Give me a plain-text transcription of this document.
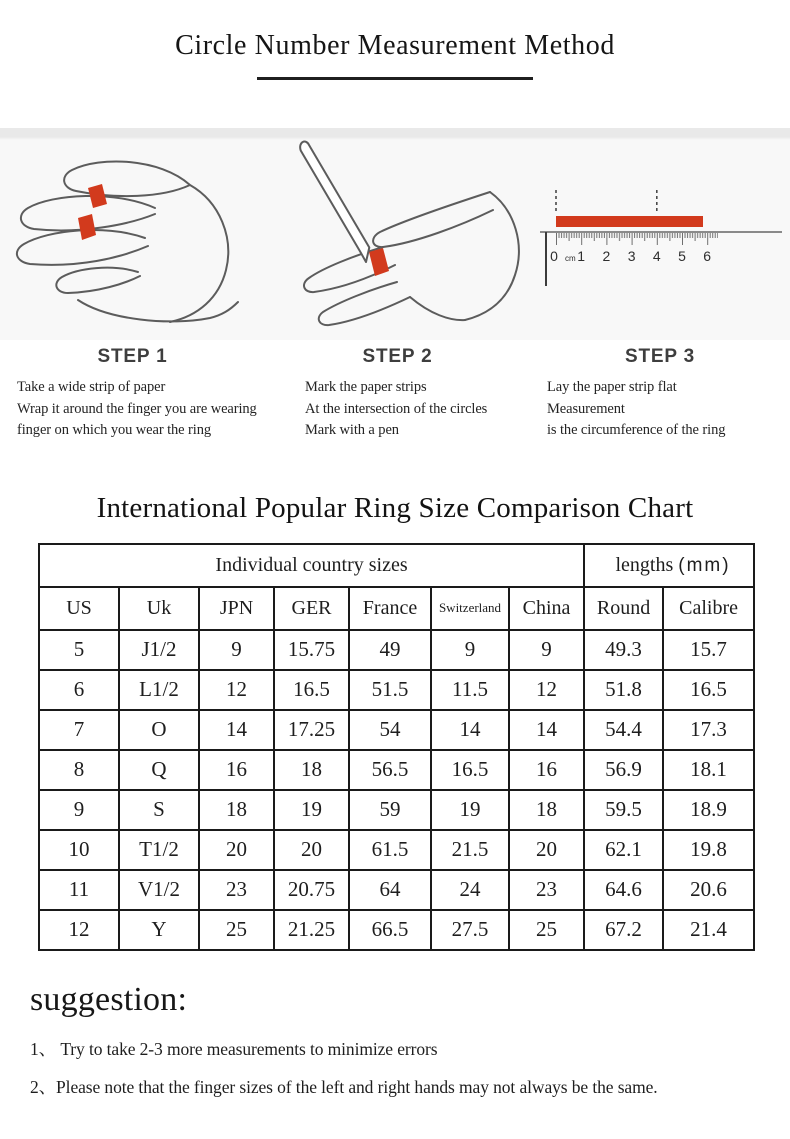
Circle Number Measurement Method
0 cm 1 2 3 4 5 6
STEP 1

Take a wide strip of paper

Wrap it around the finger you are wearing

finger on which you wear the ring

STEP 2

Mark the paper strips

At the intersection of the circles

Mark with a pen

STEP 3

Lay the paper strip flat

Measurement

is the circumference of the ring

International Popular Ring Size Comparison Chart
Individual country sizes							lengths (mm)	
US	Uk	JPN	GER	France	Switzerland	China	Round	Calibre
5	J1/2	9	15.75	49	9	9	49.3	15.7
6	L1/2	12	16.5	51.5	11.5	12	51.8	16.5
7	O	14	17.25	54	14	14	54.4	17.3
8	Q	16	18	56.5	16.5	16	56.9	18.1
9	S	18	19	59	19	18	59.5	18.9
10	T1/2	20	20	61.5	21.5	20	62.1	19.8
11	V1/2	23	20.75	64	24	23	64.6	20.6
12	Y	25	21.25	66.5	27.5	25	67.2	21.4
suggestion:

1、 Try to take 2-3 more measurements to minimize errors

2、Please note that the finger sizes of the left and right hands may not always be the same.
